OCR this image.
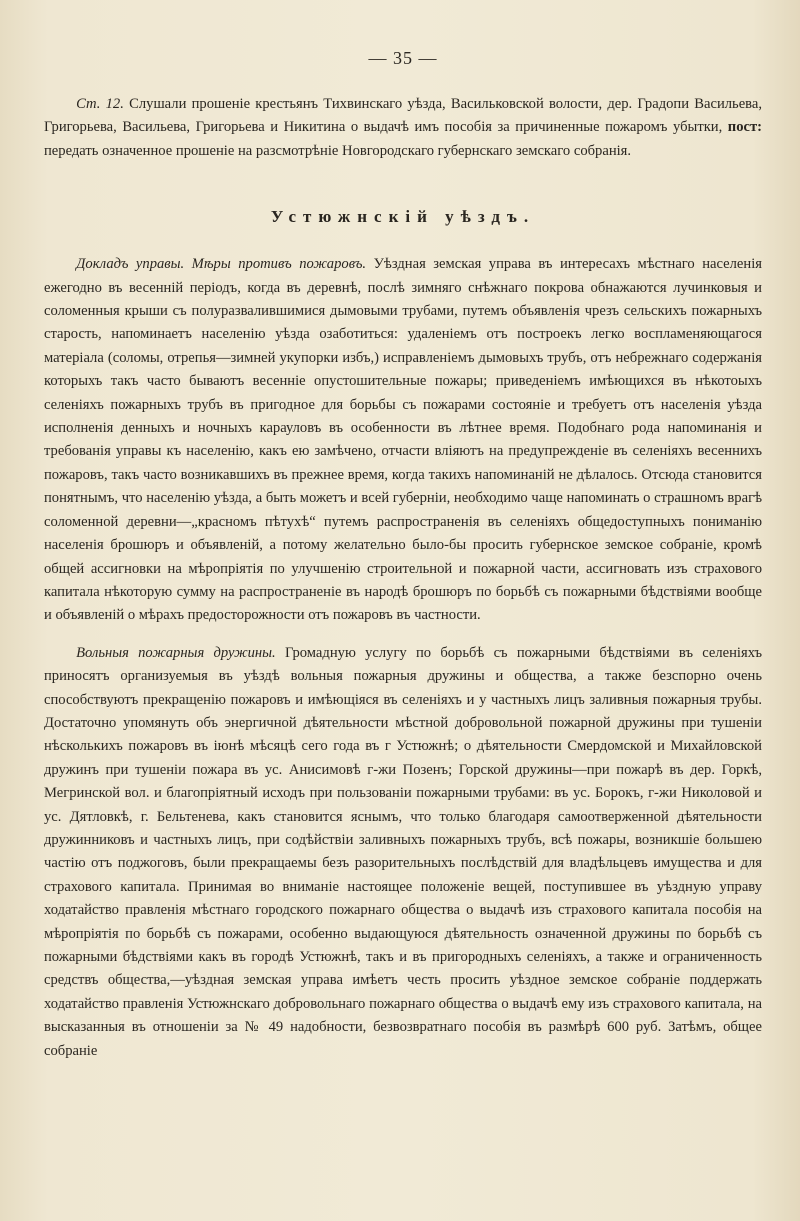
— 35 —

Ст. 12. Слушали прошеніе крестьянъ Тихвинскаго уѣзда, Васильковской волости, дер. Градопи Васильева, Григорьева, Васильева, Григорьева и Никитина о выдачѣ имъ пособія за причиненные пожаромъ убытки, пост: передать означенное прошеніе на разсмотрѣніе Новгородскаго губернскаго земскаго собранія.

Устюжнскій уѣздъ.

Докладъ управы. Мѣры противъ пожаровъ. Уѣздная земская управа въ интересахъ мѣстнаго населенія ежегодно въ весенній періодъ, когда въ деревнѣ, послѣ зимняго снѣжнаго покрова обнажаются лучинковыя и соломенныя крыши съ полуразвалившимися дымовыми трубами, путемъ объявленія чрезъ сельскихъ пожарныхъ старость, напоминаетъ населенію уѣзда озаботиться: удаленіемъ отъ построекъ легко воспламеняющагося матеріала (соломы, отрепья—зимней укупорки избъ,) исправленіемъ дымовыхъ трубъ, отъ небрежнаго содержанія которыхъ такъ часто бываютъ весенніе опустошительные пожары; приведеніемъ имѣющихся въ нѣкотоыхъ селеніяхъ пожарныхъ трубъ въ пригодное для борьбы съ пожарами состояніе и требуетъ отъ населенія уѣзда исполненія денныхъ и ночныхъ карауловъ въ особенности въ лѣтнее время. Подобнаго рода напоминанія и требованія управы къ населенію, какъ ею замѣчено, отчасти вліяютъ на предупрежденіе въ селеніяхъ весеннихъ пожаровъ, такъ часто возникавшихъ въ прежнее время, когда такихъ напоминаній не дѣлалось. Отсюда становится понятнымъ, что населенію уѣзда, а быть можетъ и всей губерніи, необходимо чаще напоминать о страшномъ врагѣ соломенной деревни—„красномъ пѣтухѣ“ путемъ распространенія въ селеніяхъ общедоступныхъ пониманію населенія брошюръ и объявленій, а потому желательно было-бы просить губернское земское собраніе, кромѣ общей ассигновки на мѣропріятія по улучшенію строительной и пожарной части, ассигновать изъ страхового капитала нѣкоторую сумму на распространеніе въ народѣ брошюръ по борьбѣ съ пожарными бѣдствіями вообще и объявленій о мѣрахъ предосторожности отъ пожаровъ въ частности.

Вольныя пожарныя дружины. Громадную услугу по борьбѣ съ пожарными бѣдствіями въ селеніяхъ приносятъ организуемыя въ уѣздѣ вольныя пожарныя дружины и общества, а также безспорно очень способствуютъ прекращенію пожаровъ и имѣющіяся въ селеніяхъ и у частныхъ лицъ заливныя пожарныя трубы. Достаточно упомянуть объ энергичной дѣятельности мѣстной добровольной пожарной дружины при тушеніи нѣсколькихъ пожаровъ въ іюнѣ мѣсяцѣ сего года въ г Устюжнѣ; о дѣятельности Смердомской и Михайловской дружинъ при тушеніи пожара въ ус. Анисимовѣ г-жи Позенъ; Горской дружины—при пожарѣ въ дер. Горкѣ, Мегринской вол. и благопріятный исходъ при пользованіи пожарными трубами: въ ус. Борокъ, г-жи Николовой и ус. Дятловкѣ, г. Бельтенева, какъ становится яснымъ, что только благодаря самоотверженной дѣятельности дружинниковъ и частныхъ лицъ, при содѣйствіи заливныхъ пожарныхъ трубъ, всѣ пожары, возникшіе большею частію отъ поджоговъ, были прекращаемы безъ разорительныхъ послѣдствій для владѣльцевъ имущества и для страхового капитала. Принимая во вниманіе настоящее положеніе вещей, поступившее въ уѣздную управу ходатайство правленія мѣстнаго городского пожарнаго общества о выдачѣ изъ страхового капитала пособія на мѣропріятія по борьбѣ съ пожарами, особенно выдающуюся дѣятельность означенной дружины по борьбѣ съ пожарными бѣдствіями какъ въ городѣ Устюжнѣ, такъ и въ пригородныхъ селеніяхъ, а также и ограниченность средствъ общества,—уѣздная земская управа имѣетъ честь просить уѣздное земское собраніе поддержать ходатайство правленія Устюжнскаго добровольнаго пожарнаго общества о выдачѣ ему изъ страхового капитала, на высказанныя въ отношеніи за № 49 надобности, безвозвратнаго пособія въ размѣрѣ 600 руб. Затѣмъ, общее собраніе
